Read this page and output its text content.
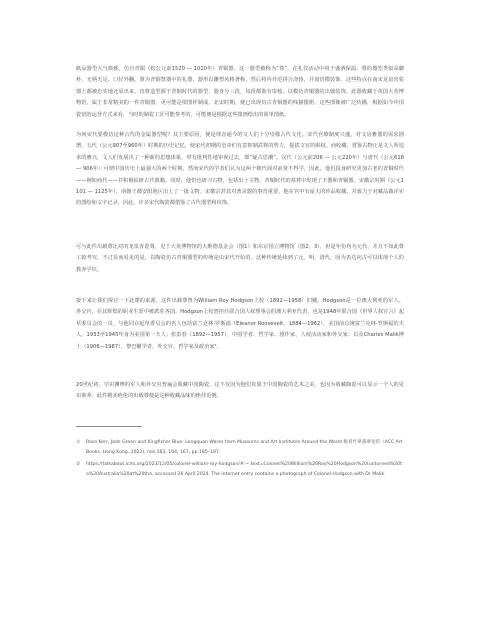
纸品器型大气典雅，仿自青铜（约公元前1520 — 1010年）青铜器。这一器型被称为“尊”，在礼仪活动中用于盛酒保温。尊的器型类似高脚杯，无柄无足，口径外翻。尊为青铜祭器中的礼器，器形以雕塑风格著称，然后将内外范拼合浇铸，并加窑模装饰。这些特点在南宋龙泉窑瓷器上都被忠实地还原出来，出尊造型源于青铜时代的器型，器身分三段，每段都饰有扉棱，以模仿青铜器的出戟装饰。此器收藏于英国大英博物馆，属于非常精美的一件青铜器，更可能是依图样制成，北宋时期，便已出现仿古青铜器的线描图册。这些图像被广泛传播，根据如今中国瓷窑的运营方式来看，当时的制瓷工匠可能参考的，可能便是根据这些图画绘出的简单图纸。

为何宋代要模仿这种古代的金属器型呢？其主要原因，便是理念通今的文人们十分崇敬古代文化。宋代官僚制度兴盛，对文房雅器的需求剧增。五代（公元907至960年）时期的历史记忆，使宋代初期的皇帝们有意抑制武将的势力，提拔文官的职权。而收藏、赏鉴古物正是文人所追求的雅兴，文人们发展出了一种新的思想体系，带有批判性地审视过去，即“疑古思潮”。汉代（公元前206 — 公元220年）与唐代（公元618 — 906年）可谓中国历史上最强大的两个时期，然而宋代的学者们认为这两个朝代面对前贤不得学，因此，他们投身研究更加古老的青铜时代——例如商代——并积极钻研古代典籍。同时，他们也研习古物，包括出土文物。青铜时代的墓葬中发现了玉器和青铜器，宋徽宗时期（公元1101 — 1125年），南朝王都安阳地区出土了一批文物。宋徽宗甚其对著录器的事营重要，他在宫中有庞大的珍品收藏，并致力于对藏品做详实的图绘和文字记录，因此，许多宋代陶瓷都借鉴了古代器型和纹饰。

可与此件出载尊比对的龙泉青瓷尊，见于大英博物馆的大维德基金会（图1）和东京国立博物馆（图2、3），但是年份均为元代，并且不如此尊工致考究。不过显而易见的是，以陶瓷仿古青铜器型的传统是由宋代开始的。这种传统延续到了元、明、清代，因为表达向古可以体现个人的教养学识。

接下来让我们探讨一下此尊的来源。这件出载尊曾为William Roy Hodgson上校（1892—1958）旧藏。Hodgson是一位澳大利亚的军人、外交官，在其辉煌的职业生涯中被派驻各国。Hodgson上校曾担任联合国人权理事会的澳大利亚代表，也是1948年联合国《世界人权宣言》起草委员会的一员，与他同在起草委员会的名人包括富兰克林·罗斯福（Eleanor Roosevelt，1884—1962），美国前总统富兰克林·罗斯福的夫人。1933至1945年身为美国第一夫人；张彭春（1892—1957），中国学者、哲学家、剧作家、人权活动家和外交家；以及Charles Malik博士（1906—1987），黎巴嫩学者、外交官、哲学家及政治家²。

20世纪初，学识渊博的军人和外交官普遍会收藏中国陶瓷。这不仅因为他们钦慕于中国陶瓷的艺术之美，也因为收藏陶瓷可以显示一个人的见识素养。此件精美绝伦的出载尊便是这种收藏品味的绝佳范例。

①	Rosa Kerr, Jade Green and Kingfisher Blue: Longquan Wares from Museums and Art Institutes Around the World 梅青竹翠翡翠龙窑（ACC Art Books, Hong Kong, 2022), nos.163, 164, 167, pp.185–187.
②	https://talkabout.iclro.org/2023/12/05/colonel-william-roy-hodgson/#:~:text=Colonel%20William%20Roy%20Hodgson%20(unturned%20to%20Australia%20at%20the, accessed 26 April 2024. The internet entry contains a photograph of Colonel Hodgson with Dr Malik.
